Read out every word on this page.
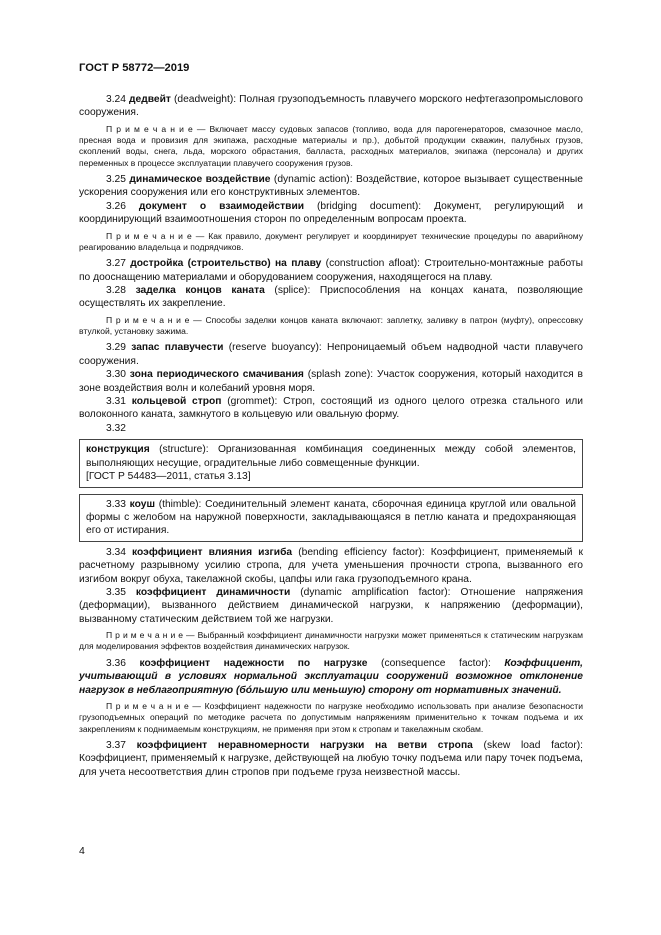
ГОСТ Р 58772—2019

3.24 дедвейт (deadweight): Полная грузоподъемность плавучего морского нефтегазопромыслового сооружения.

П р и м е ч а н и е — Включает массу судовых запасов (топливо, вода для парогенераторов, смазочное масло, пресная вода и провизия для экипажа, расходные материалы и пр.), добытой продукции скважин, палубных грузов, скоплений воды, снега, льда, морского обрастания, балласта, расходных материалов, экипажа (персонала) и других переменных в процессе эксплуатации плавучего сооружения грузов.

3.25 динамическое воздействие (dynamic action): Воздействие, которое вызывает существенные ускорения сооружения или его конструктивных элементов.

3.26 документ о взаимодействии (bridging document): Документ, регулирующий и координирующий взаимоотношения сторон по определенным вопросам проекта.

П р и м е ч а н и е — Как правило, документ регулирует и координирует технические процедуры по аварийному реагированию владельца и подрядчиков.

3.27 достройка (строительство) на плаву (construction afloat): Строительно-монтажные работы по дооснащению материалами и оборудованием сооружения, находящегося на плаву.

3.28 заделка концов каната (splice): Приспособления на концах каната, позволяющие осуществлять их закрепление.

П р и м е ч а н и е — Способы заделки концов каната включают: заплетку, заливку в патрон (муфту), опрессовку втулкой, установку зажима.

3.29 запас плавучести (reserve buoyancy): Непроницаемый объем надводной части плавучего сооружения.

3.30 зона периодического смачивания (splash zone): Участок сооружения, который находится в зоне воздействия волн и колебаний уровня моря.

3.31 кольцевой строп (grommet): Строп, состоящий из одного целого отрезка стального или волоконного каната, замкнутого в кольцевую или овальную форму.

3.32

конструкция (structure): Организованная комбинация соединенных между собой элементов, выполняющих несущие, оградительные либо совмещенные функции.

[ГОСТ Р 54483—2011, статья 3.13]

3.33 коуш (thimble): Соединительный элемент каната, сборочная единица круглой или овальной формы с желобом на наружной поверхности, закладывающаяся в петлю каната и предохраняющая его от истирания.

3.34 коэффициент влияния изгиба (bending efficiency factor): Коэффициент, применяемый к расчетному разрывному усилию стропа, для учета уменьшения прочности стропа, вызванного его изгибом вокруг обуха, такелажной скобы, цапфы или гака грузоподъемного крана.

3.35 коэффициент динамичности (dynamic amplification factor): Отношение напряжения (деформации), вызванного действием динамической нагрузки, к напряжению (деформации), вызванному статическим действием той же нагрузки.

П р и м е ч а н и е — Выбранный коэффициент динамичности нагрузки может применяться к статическим нагрузкам для моделирования эффектов воздействия динамических нагрузок.

3.36 коэффициент надежности по нагрузке (consequence factor): Коэффициент, учитывающий в условиях нормальной эксплуатации сооружений возможное отклонение нагрузок в неблагоприятную (бóльшую или меньшую) сторону от нормативных значений.

П р и м е ч а н и е — Коэффициент надежности по нагрузке необходимо использовать при анализе безопасности грузоподъемных операций по методике расчета по допустимым напряжениям применительно к точкам подъема и их закреплениям к поднимаемым конструкциям, не применяя при этом к стропам и такелажным скобам.

3.37 коэффициент неравномерности нагрузки на ветви стропа (skew load factor): Коэффициент, применяемый к нагрузке, действующей на любую точку подъема или пару точек подъема, для учета несоответствия длин стропов при подъеме груза неизвестной массы.

4
